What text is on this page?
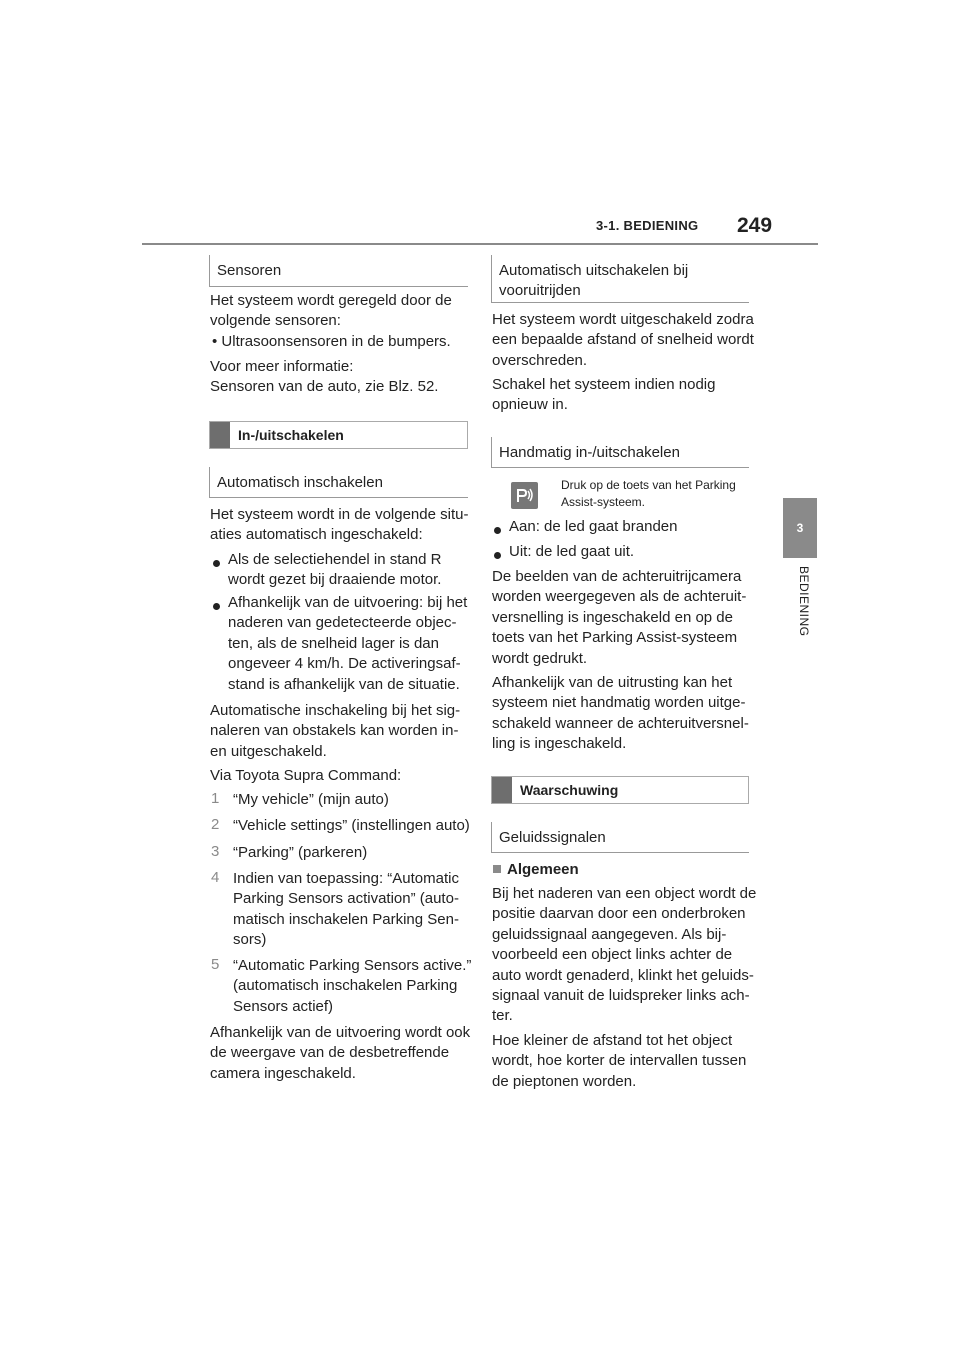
3-1. BEDIENING 249
3
BEDIENING
Sensoren
Het systeem wordt geregeld door de
volgende sensoren:
• Ultrasoonsensoren in de bumpers.
Voor meer informatie:
Sensoren van de auto, zie Blz. 52.
In-/uitschakelen
Automatisch inschakelen
Het systeem wordt in de volgende situ-
aties automatisch ingeschakeld:
Als de selectiehendel in stand R
wordt gezet bij draaiende motor.
Afhankelijk van de uitvoering: bij het
naderen van gedetecteerde objec-
ten, als de snelheid lager is dan
ongeveer 4 km/h. De activeringsaf-
stand is afhankelijk van de situatie.
Automatische inschakeling bij het sig-
naleren van obstakels kan worden in-
en uitgeschakeld.
Via Toyota Supra Command:
1 “My vehicle” (mijn auto)
2 “Vehicle settings” (instellingen auto)
3 “Parking” (parkeren)
4 Indien van toepassing: “Automatic
Parking Sensors activation” (auto-
matisch inschakelen Parking Sen-
sors)
5 “Automatic Parking Sensors active.”
(automatisch inschakelen Parking
Sensors actief)
Afhankelijk van de uitvoering wordt ook
de weergave van de desbetreffende
camera ingeschakeld.
Automatisch uitschakelen bij
vooruitrijden
Het systeem wordt uitgeschakeld zodra
een bepaalde afstand of snelheid wordt
overschreden.
Schakel het systeem indien nodig
opnieuw in.
Handmatig in-/uitschakelen
Druk op de toets van het Parking
Assist-systeem.
Aan: de led gaat branden
Uit: de led gaat uit.
De beelden van de achteruitrijcamera
worden weergegeven als de achteruit-
versnelling is ingeschakeld en op de
toets van het Parking Assist-systeem
wordt gedrukt.
Afhankelijk van de uitrusting kan het
systeem niet handmatig worden uitge-
schakeld wanneer de achteruitversnel-
ling is ingeschakeld.
Waarschuwing
Geluidssignalen
Algemeen
Bij het naderen van een object wordt de
positie daarvan door een onderbroken
geluidssignaal aangegeven. Als bij-
voorbeeld een object links achter de
auto wordt genaderd, klinkt het geluids-
signaal vanuit de luidspreker links ach-
ter.
Hoe kleiner de afstand tot het object
wordt, hoe korter de intervallen tussen
de pieptonen worden.
